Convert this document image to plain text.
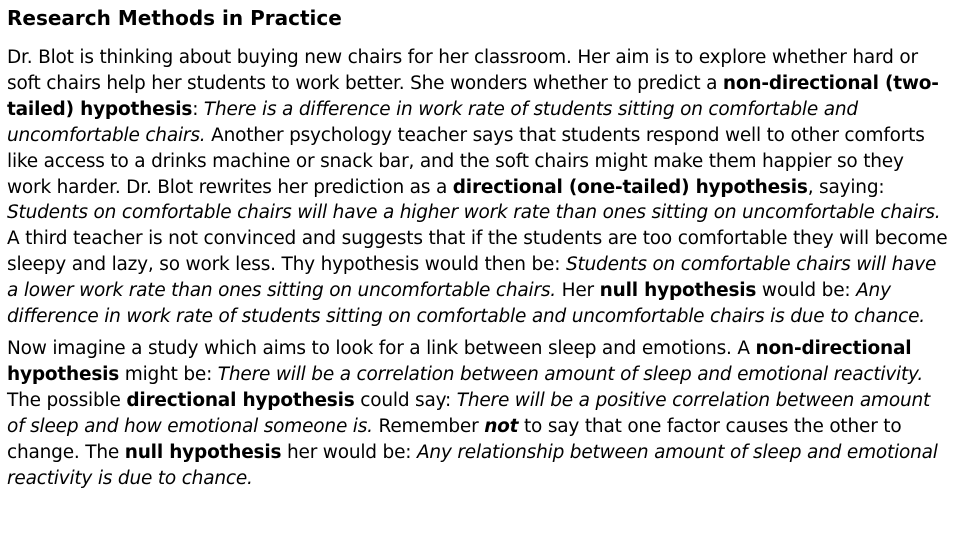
Research Methods in Practice

Dr. Blot is thinking about buying new chairs for her classroom. Her aim is to explore whether hard or soft chairs help her students to work better. She wonders whether to predict a non-directional (two-tailed) hypothesis: There is a difference in work rate of students sitting on comfortable and uncomfortable chairs. Another psychology teacher says that students respond well to other comforts like access to a drinks machine or snack bar, and the soft chairs might make them happier so they work harder. Dr. Blot rewrites her prediction as a directional (one-tailed) hypothesis, saying: Students on comfortable chairs will have a higher work rate than ones sitting on uncomfortable chairs. A third teacher is not convinced and suggests that if the students are too comfortable they will become sleepy and lazy, so work less. Thy hypothesis would then be: Students on comfortable chairs will have a lower work rate than ones sitting on uncomfortable chairs. Her null hypothesis would be: Any difference in work rate of students sitting on comfortable and uncomfortable chairs is due to chance.

Now imagine a study which aims to look for a link between sleep and emotions. A non-directional hypothesis might be: There will be a correlation between amount of sleep and emotional reactivity. The possible directional hypothesis could say: There will be a positive correlation between amount of sleep and how emotional someone is. Remember not to say that one factor causes the other to change. The null hypothesis her would be: Any relationship between amount of sleep and emotional reactivity is due to chance.
